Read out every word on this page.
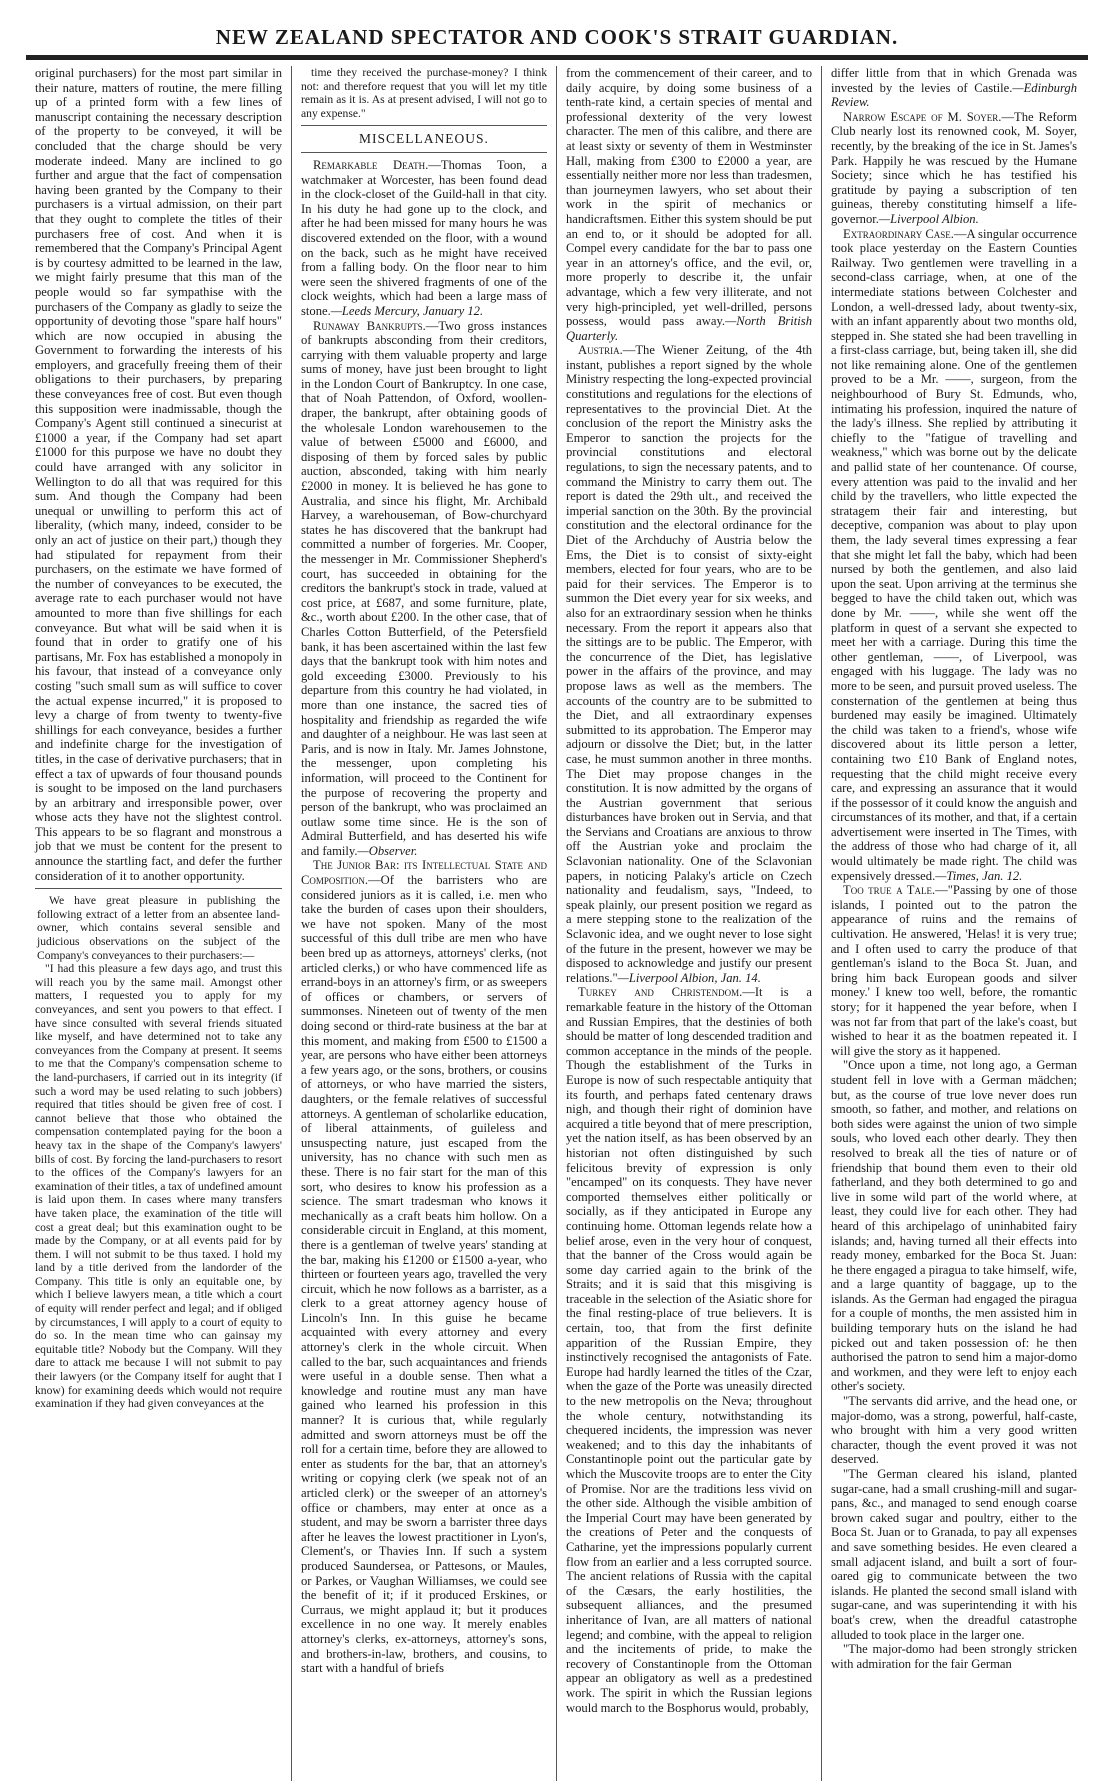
NEW ZEALAND SPECTATOR AND COOK'S STRAIT GUARDIAN.

original purchasers) for the most part similar in their nature, matters of routine, the mere filling up of a printed form with a few lines of manuscript containing the necessary description of the property to be conveyed, it will be concluded that the charge should be very moderate indeed. Many are inclined to go further and argue that the fact of compensation having been granted by the Company to their purchasers is a virtual admission, on their part that they ought to complete the titles of their purchasers free of cost. And when it is remembered that the Company's Principal Agent is by courtesy admitted to be learned in the law, we might fairly presume that this man of the people would so far sympathise with the purchasers of the Company as gladly to seize the opportunity of devoting those "spare half hours" which are now occupied in abusing the Government to forwarding the interests of his employers, and gracefully freeing them of their obligations to their purchasers, by preparing these conveyances free of cost. But even though this supposition were inadmissable, though the Company's Agent still continued a sinecurist at £1000 a year, if the Company had set apart £1000 for this purpose we have no doubt they could have arranged with any solicitor in Wellington to do all that was required for this sum. And though the Company had been unequal or unwilling to perform this act of liberality, (which many, indeed, consider to be only an act of justice on their part,) though they had stipulated for repayment from their purchasers, on the estimate we have formed of the number of conveyances to be executed, the average rate to each purchaser would not have amounted to more than five shillings for each conveyance. But what will be said when it is found that in order to gratify one of his partisans, Mr. Fox has established a monopoly in his favour, that instead of a conveyance only costing "such small sum as will suffice to cover the actual expense incurred," it is proposed to levy a charge of from twenty to twenty-five shillings for each conveyance, besides a further and indefinite charge for the investigation of titles, in the case of derivative purchasers; that in effect a tax of upwards of four thousand pounds is sought to be imposed on the land purchasers by an arbitrary and irresponsible power, over whose acts they have not the slightest control. This appears to be so flagrant and monstrous a job that we must be content for the present to announce the startling fact, and defer the further consideration of it to another opportunity.

We have great pleasure in publishing the following extract of a letter from an absentee land-owner, which contains several sensible and judicious observations on the subject of the Company's conveyances to their purchasers:—

"I had this pleasure a few days ago, and trust this will reach you by the same mail. Amongst other matters, I requested you to apply for my conveyances, and sent you powers to that effect. I have since consulted with several friends situated like myself, and have determined not to take any conveyances from the Company at present. It seems to me that the Company's compensation scheme to the land-purchasers, if carried out in its integrity (if such a word may be used relating to such jobbers) required that titles should be given free of cost. I cannot believe that those who obtained the compensation contemplated paying for the boon a heavy tax in the shape of the Company's lawyers' bills of cost. By forcing the land-purchasers to resort to the offices of the Company's lawyers for an examination of their titles, a tax of undefined amount is laid upon them. In cases where many transfers have taken place, the examination of the title will cost a great deal; but this examination ought to be made by the Company, or at all events paid for by them. I will not submit to be thus taxed. I hold my land by a title derived from the landorder of the Company. This title is only an equitable one, by which I believe lawyers mean, a title which a court of equity will render perfect and legal; and if obliged by circumstances, I will apply to a court of equity to do so. In the mean time who can gainsay my equitable title? Nobody but the Company. Will they dare to attack me because I will not submit to pay their lawyers (or the Company itself for aught that I know) for examining deeds which would not require examination if they had given conveyances at the

time they received the purchase-money? I think not: and therefore request that you will let my title remain as it is. As at present advised, I will not go to any expense."

MISCELLANEOUS.

Remarkable Death.—Thomas Toon, a watchmaker at Worcester, has been found dead in the clock-closet of the Guild-hall in that city. In his duty he had gone up to the clock, and after he had been missed for many hours he was discovered extended on the floor, with a wound on the back, such as he might have received from a falling body. On the floor near to him were seen the shivered fragments of one of the clock weights, which had been a large mass of stone.—Leeds Mercury, January 12.

Runaway Bankrupts.—Two gross instances of bankrupts absconding from their creditors, carrying with them valuable property and large sums of money, have just been brought to light in the London Court of Bankruptcy. In one case, that of Noah Pattendon, of Oxford, woollen-draper, the bankrupt, after obtaining goods of the wholesale London warehousemen to the value of between £5000 and £6000, and disposing of them by forced sales by public auction, absconded, taking with him nearly £2000 in money. It is believed he has gone to Australia, and since his flight, Mr. Archibald Harvey, a warehouseman, of Bow-churchyard states he has discovered that the bankrupt had committed a number of forgeries. Mr. Cooper, the messenger in Mr. Commissioner Shepherd's court, has succeeded in obtaining for the creditors the bankrupt's stock in trade, valued at cost price, at £687, and some furniture, plate, &c., worth about £200. In the other case, that of Charles Cotton Butterfield, of the Petersfield bank, it has been ascertained within the last few days that the bankrupt took with him notes and gold exceeding £3000. Previously to his departure from this country he had violated, in more than one instance, the sacred ties of hospitality and friendship as regarded the wife and daughter of a neighbour. He was last seen at Paris, and is now in Italy. Mr. James Johnstone, the messenger, upon completing his information, will proceed to the Continent for the purpose of recovering the property and person of the bankrupt, who was proclaimed an outlaw some time since. He is the son of Admiral Butterfield, and has deserted his wife and family.—Observer.

The Junior Bar: its Intellectual State and Composition.—Of the barristers who are considered juniors as it is called, i.e. men who take the burden of cases upon their shoulders, we have not spoken. Many of the most successful of this dull tribe are men who have been bred up as attorneys, attorneys' clerks, (not articled clerks,) or who have commenced life as errand-boys in an attorney's firm, or as sweepers of offices or chambers, or servers of summonses. Nineteen out of twenty of the men doing second or third-rate business at the bar at this moment, and making from £500 to £1500 a year, are persons who have either been attorneys a few years ago, or the sons, brothers, or cousins of attorneys, or who have married the sisters, daughters, or the female relatives of successful attorneys. A gentleman of scholarlike education, of liberal attainments, of guileless and unsuspecting nature, just escaped from the university, has no chance with such men as these. There is no fair start for the man of this sort, who desires to know his profession as a science. The smart tradesman who knows it mechanically as a craft beats him hollow. On a considerable circuit in England, at this moment, there is a gentleman of twelve years' standing at the bar, making his £1200 or £1500 a-year, who thirteen or fourteen years ago, travelled the very circuit, which he now follows as a barrister, as a clerk to a great attorney agency house of Lincoln's Inn. In this guise he became acquainted with every attorney and every attorney's clerk in the whole circuit. When called to the bar, such acquaintances and friends were useful in a double sense. Then what a knowledge and routine must any man have gained who learned his profession in this manner? It is curious that, while regularly admitted and sworn attorneys must be off the roll for a certain time, before they are allowed to enter as students for the bar, that an attorney's writing or copying clerk (we speak not of an articled clerk) or the sweeper of an attorney's office or chambers, may enter at once as a student, and may be sworn a barrister three days after he leaves the lowest practitioner in Lyon's, Clement's, or Thavies Inn. If such a system produced Saundersea, or Pattesons, or Maules, or Parkes, or Vaughan Williamses, we could see the benefit of it; if it produced Erskines, or Curraus, we might applaud it; but it produces excellence in no one way. It merely enables attorney's clerks, ex-attorneys, attorney's sons, and brothers-in-law, brothers, and cousins, to start with a handful of briefs

from the commencement of their career, and to daily acquire, by doing some business of a tenth-rate kind, a certain species of mental and professional dexterity of the very lowest character. The men of this calibre, and there are at least sixty or seventy of them in Westminster Hall, making from £300 to £2000 a year, are essentially neither more nor less than tradesmen, than journeymen lawyers, who set about their work in the spirit of mechanics or handicraftsmen. Either this system should be put an end to, or it should be adopted for all. Compel every candidate for the bar to pass one year in an attorney's office, and the evil, or, more properly to describe it, the unfair advantage, which a few very illiterate, and not very high-principled, yet well-drilled, persons possess, would pass away.—North British Quarterly.

Austria.—The Wiener Zeitung, of the 4th instant, publishes a report signed by the whole Ministry respecting the long-expected provincial constitutions and regulations for the elections of representatives to the provincial Diet. At the conclusion of the report the Ministry asks the Emperor to sanction the projects for the provincial constitutions and electoral regulations, to sign the necessary patents, and to command the Ministry to carry them out. The report is dated the 29th ult., and received the imperial sanction on the 30th. By the provincial constitution and the electoral ordinance for the Diet of the Archduchy of Austria below the Ems, the Diet is to consist of sixty-eight members, elected for four years, who are to be paid for their services. The Emperor is to summon the Diet every year for six weeks, and also for an extraordinary session when he thinks necessary. From the report it appears also that the sittings are to be public. The Emperor, with the concurrence of the Diet, has legislative power in the affairs of the province, and may propose laws as well as the members. The accounts of the country are to be submitted to the Diet, and all extraordinary expenses submitted to its approbation. The Emperor may adjourn or dissolve the Diet; but, in the latter case, he must summon another in three months. The Diet may propose changes in the constitution. It is now admitted by the organs of the Austrian government that serious disturbances have broken out in Servia, and that the Servians and Croatians are anxious to throw off the Austrian yoke and proclaim the Sclavonian nationality. One of the Sclavonian papers, in noticing Palaky's article on Czech nationality and feudalism, says, "Indeed, to speak plainly, our present position we regard as a mere stepping stone to the realization of the Sclavonic idea, and we ought never to lose sight of the future in the present, however we may be disposed to acknowledge and justify our present relations."—Liverpool Albion, Jan. 14.

Turkey and Christendom.—It is a remarkable feature in the history of the Ottoman and Russian Empires, that the destinies of both should be matter of long descended tradition and common acceptance in the minds of the people. Though the establishment of the Turks in Europe is now of such respectable antiquity that its fourth, and perhaps fated centenary draws nigh, and though their right of dominion have acquired a title beyond that of mere prescription, yet the nation itself, as has been observed by an historian not often distinguished by such felicitous brevity of expression is only "encamped" on its conquests. They have never comported themselves either politically or socially, as if they anticipated in Europe any continuing home. Ottoman legends relate how a belief arose, even in the very hour of conquest, that the banner of the Cross would again be some day carried again to the brink of the Straits; and it is said that this misgiving is traceable in the selection of the Asiatic shore for the final resting-place of true believers. It is certain, too, that from the first definite apparition of the Russian Empire, they instinctively recognised the antagonists of Fate. Europe had hardly learned the titles of the Czar, when the gaze of the Porte was uneasily directed to the new metropolis on the Neva; throughout the whole century, notwithstanding its chequered incidents, the impression was never weakened; and to this day the inhabitants of Constantinople point out the particular gate by which the Muscovite troops are to enter the City of Promise. Nor are the traditions less vivid on the other side. Although the visible ambition of the Imperial Court may have been generated by the creations of Peter and the conquests of Catharine, yet the impressions popularly current flow from an earlier and a less corrupted source. The ancient relations of Russia with the capital of the Cæsars, the early hostilities, the subsequent alliances, and the presumed inheritance of Ivan, are all matters of national legend; and combine, with the appeal to religion and the incitements of pride, to make the recovery of Constantinople from the Ottoman appear an obligatory as well as a predestined work. The spirit in which the Russian legions would march to the Bosphorus would, probably,

differ little from that in which Grenada was invested by the levies of Castile.—Edinburgh Review.

Narrow Escape of M. Soyer.—The Reform Club nearly lost its renowned cook, M. Soyer, recently, by the breaking of the ice in St. James's Park. Happily he was rescued by the Humane Society; since which he has testified his gratitude by paying a subscription of ten guineas, thereby constituting himself a life-governor.—Liverpool Albion.

Extraordinary Case.—A singular occurrence took place yesterday on the Eastern Counties Railway. Two gentlemen were travelling in a second-class carriage, when, at one of the intermediate stations between Colchester and London, a well-dressed lady, about twenty-six, with an infant apparently about two months old, stepped in. She stated she had been travelling in a first-class carriage, but, being taken ill, she did not like remaining alone. One of the gentlemen proved to be a Mr. ——, surgeon, from the neighbourhood of Bury St. Edmunds, who, intimating his profession, inquired the nature of the lady's illness. She replied by attributing it chiefly to the "fatigue of travelling and weakness," which was borne out by the delicate and pallid state of her countenance. Of course, every attention was paid to the invalid and her child by the travellers, who little expected the stratagem their fair and interesting, but deceptive, companion was about to play upon them, the lady several times expressing a fear that she might let fall the baby, which had been nursed by both the gentlemen, and also laid upon the seat. Upon arriving at the terminus she begged to have the child taken out, which was done by Mr. ——, while she went off the platform in quest of a servant she expected to meet her with a carriage. During this time the other gentleman, ——, of Liverpool, was engaged with his luggage. The lady was no more to be seen, and pursuit proved useless. The consternation of the gentlemen at being thus burdened may easily be imagined. Ultimately the child was taken to a friend's, whose wife discovered about its little person a letter, containing two £10 Bank of England notes, requesting that the child might receive every care, and expressing an assurance that it would if the possessor of it could know the anguish and circumstances of its mother, and that, if a certain advertisement were inserted in The Times, with the address of those who had charge of it, all would ultimately be made right. The child was expensively dressed.—Times, Jan. 12.

Too true a Tale.—"Passing by one of those islands, I pointed out to the patron the appearance of ruins and the remains of cultivation. He answered, 'Helas! it is very true; and I often used to carry the produce of that gentleman's island to the Boca St. Juan, and bring him back European goods and silver money.' I knew too well, before, the romantic story; for it happened the year before, when I was not far from that part of the lake's coast, but wished to hear it as the boatmen repeated it. I will give the story as it happened.

"Once upon a time, not long ago, a German student fell in love with a German mädchen; but, as the course of true love never does run smooth, so father, and mother, and relations on both sides were against the union of two simple souls, who loved each other dearly. They then resolved to break all the ties of nature or of friendship that bound them even to their old fatherland, and they both determined to go and live in some wild part of the world where, at least, they could live for each other. They had heard of this archipelago of uninhabited fairy islands; and, having turned all their effects into ready money, embarked for the Boca St. Juan: he there engaged a piragua to take himself, wife, and a large quantity of baggage, up to the islands. As the German had engaged the piragua for a couple of months, the men assisted him in building temporary huts on the island he had picked out and taken possession of: he then authorised the patron to send him a major-domo and workmen, and they were left to enjoy each other's society.

"The servants did arrive, and the head one, or major-domo, was a strong, powerful, half-caste, who brought with him a very good written character, though the event proved it was not deserved.

"The German cleared his island, planted sugar-cane, had a small crushing-mill and sugar-pans, &c., and managed to send enough coarse brown caked sugar and poultry, either to the Boca St. Juan or to Granada, to pay all expenses and save something besides. He even cleared a small adjacent island, and built a sort of four-oared gig to communicate between the two islands. He planted the second small island with sugar-cane, and was superintending it with his boat's crew, when the dreadful catastrophe alluded to took place in the larger one.

"The major-domo had been strongly stricken with admiration for the fair German
